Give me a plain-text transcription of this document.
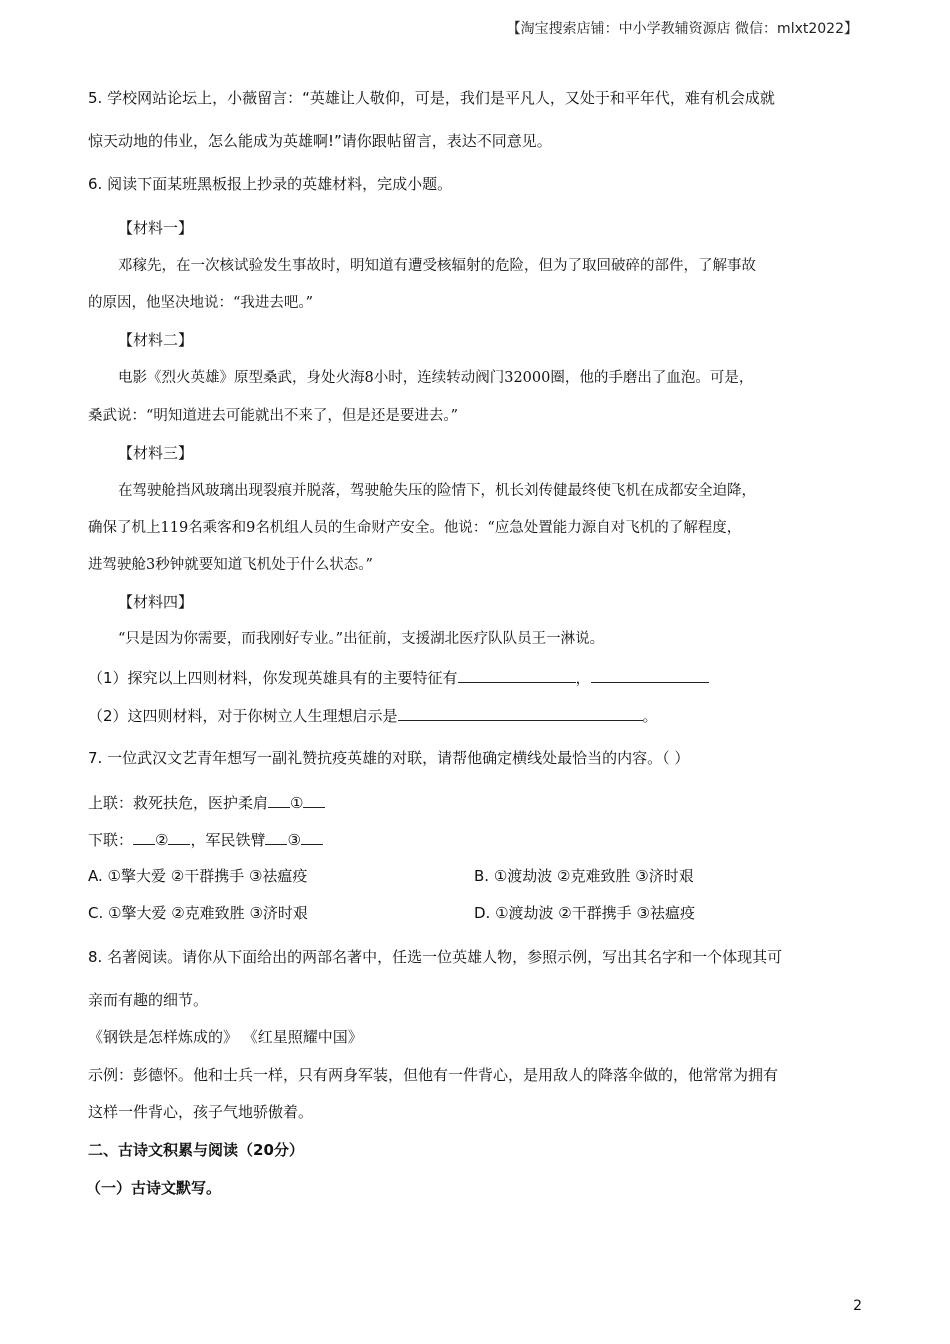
【淘宝搜索店铺：中小学教辅资源店 微信：mlxt2022】
5. 学校网站论坛上，小薇留言：“英雄让人敬仰，可是，我们是平凡人，又处于和平年代，难有机会成就
惊天动地的伟业，怎么能成为英雄啊!”请你跟帖留言，表达不同意见。
6. 阅读下面某班黑板报上抄录的英雄材料，完成小题。
【材料一】
邓稼先，在一次核试验发生事故时，明知道有遭受核辐射的危险，但为了取回破碎的部件，了解事故
的原因，他坚决地说：“我进去吧。”
【材料二】
电影《烈火英雄》原型桑武，身处火海8小时，连续转动阀门32000圈，他的手磨出了血泡。可是，
桑武说：“明知道进去可能就出不来了，但是还是要进去。”
【材料三】
在驾驶舱挡风玻璃出现裂痕并脱落，驾驶舱失压的险情下，机长刘传健最终使飞机在成都安全迫降，
确保了机上119名乘客和9名机组人员的生命财产安全。他说：“应急处置能力源自对飞机的了解程度，
进驾驶舱3秒钟就要知道飞机处于什么状态。”
【材料四】
“只是因为你需要，而我刚好专业。”出征前，支援湖北医疗队队员王一淋说。
（1）探究以上四则材料，你发现英雄具有的主要特征有	，
（2）这四则材料，对于你树立人生理想启示是	。
7. 一位武汉文艺青年想写一副礼赞抗疫英雄的对联，请帮他确定横线处最恰当的内容。（ ）
上联：救死扶危，医护柔肩 ①
下联： ② ，军民铁臂 ③
A. ①擎大爱 ②干群携手 ③祛瘟疫	B. ①渡劫波 ②克难致胜 ③济时艰
C. ①擎大爱 ②克难致胜 ③济时艰	D. ①渡劫波 ②干群携手 ③祛瘟疫
8. 名著阅读。请你从下面给出的两部名著中，任选一位英雄人物，参照示例，写出其名字和一个体现其可
亲而有趣的细节。
《钢铁是怎样炼成的》 《红星照耀中国》
示例：彭德怀。他和士兵一样，只有两身军装，但他有一件背心，是用敌人的降落伞做的，他常常为拥有
这样一件背心，孩子气地骄傲着。
二、古诗文积累与阅读（20分）
（一）古诗文默写。
2
